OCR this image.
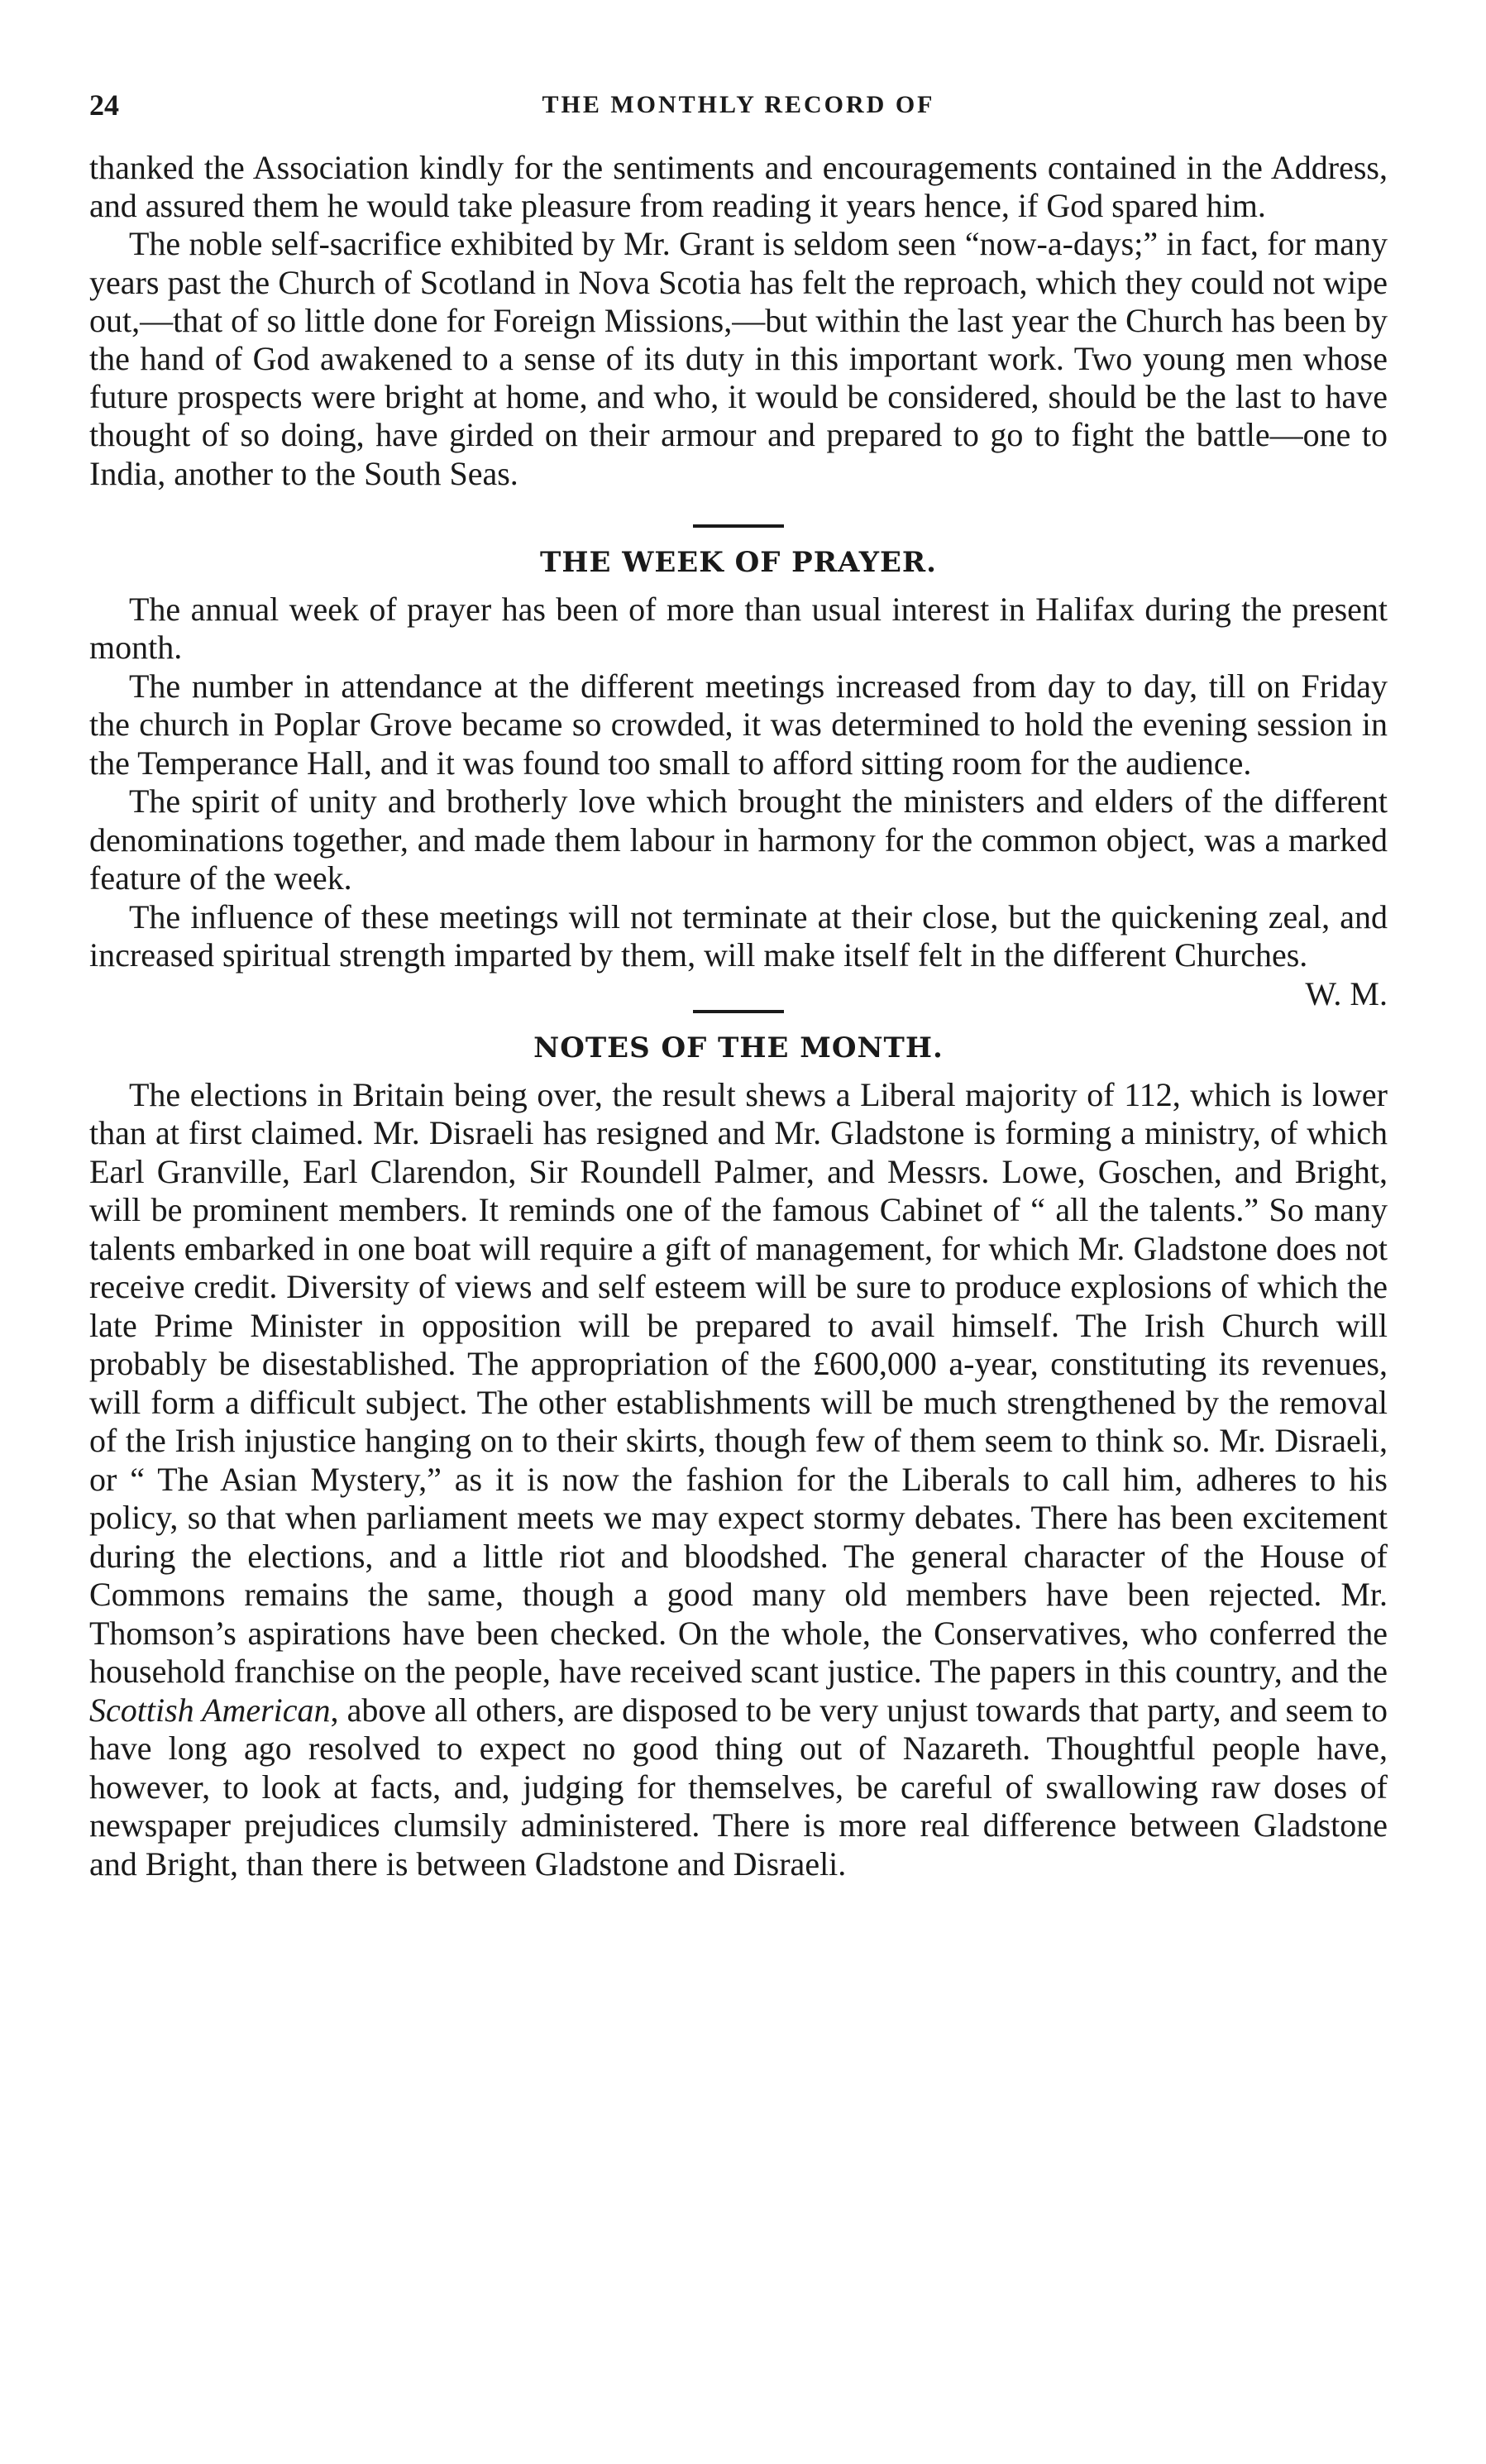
24	THE MONTHLY RECORD OF

thanked the Association kindly for the sentiments and encouragements contained in the Address, and assured them he would take pleasure from reading it years hence, if God spared him.

The noble self-sacrifice exhibited by Mr. Grant is seldom seen “now-a-days;” in fact, for many years past the Church of Scotland in Nova Scotia has felt the reproach, which they could not wipe out,—that of so little done for Foreign Missions,—but within the last year the Church has been by the hand of God awakened to a sense of its duty in this important work. Two young men whose future prospects were bright at home, and who, it would be considered, should be the last to have thought of so doing, have girded on their armour and prepared to go to fight the battle—one to India, another to the South Seas.

THE WEEK OF PRAYER.

The annual week of prayer has been of more than usual interest in Halifax during the present month.

The number in attendance at the different meetings increased from day to day, till on Friday the church in Poplar Grove became so crowded, it was determined to hold the evening session in the Temperance Hall, and it was found too small to afford sitting room for the audience.

The spirit of unity and brotherly love which brought the ministers and elders of the different denominations together, and made them labour in harmony for the common object, was a marked feature of the week.

The influence of these meetings will not terminate at their close, but the quickening zeal, and increased spiritual strength imparted by them, will make itself felt in the different Churches.
W. M.

NOTES OF THE MONTH.

The elections in Britain being over, the result shews a Liberal majority of 112, which is lower than at first claimed. Mr. Disraeli has resigned and Mr. Gladstone is forming a ministry, of which Earl Granville, Earl Clarendon, Sir Roundell Palmer, and Messrs. Lowe, Goschen, and Bright, will be prominent members. It reminds one of the famous Cabinet of “ all the talents.” So many talents embarked in one boat will require a gift of management, for which Mr. Gladstone does not receive credit. Diversity of views and self esteem will be sure to produce explosions of which the late Prime Minister in opposition will be prepared to avail himself. The Irish Church will probably be disestablished. The appropriation of the £600,000 a-year, constituting its revenues, will form a difficult subject. The other establishments will be much strengthened by the removal of the Irish injustice hanging on to their skirts, though few of them seem to think so. Mr. Disraeli, or “ The Asian Mystery,” as it is now the fashion for the Liberals to call him, adheres to his policy, so that when parliament meets we may expect stormy debates. There has been excitement during the elections, and a little riot and bloodshed. The general character of the House of Commons remains the same, though a good many old members have been rejected. Mr. Thomson’s aspirations have been checked. On the whole, the Conservatives, who conferred the household franchise on the people, have received scant justice. The papers in this country, and the Scottish American, above all others, are disposed to be very unjust towards that party, and seem to have long ago resolved to expect no good thing out of Nazareth. Thoughtful people have, however, to look at facts, and, judging for themselves, be careful of swallowing raw doses of newspaper prejudices clumsily administered. There is more real difference between Gladstone and Bright, than there is between Gladstone and Disraeli.
